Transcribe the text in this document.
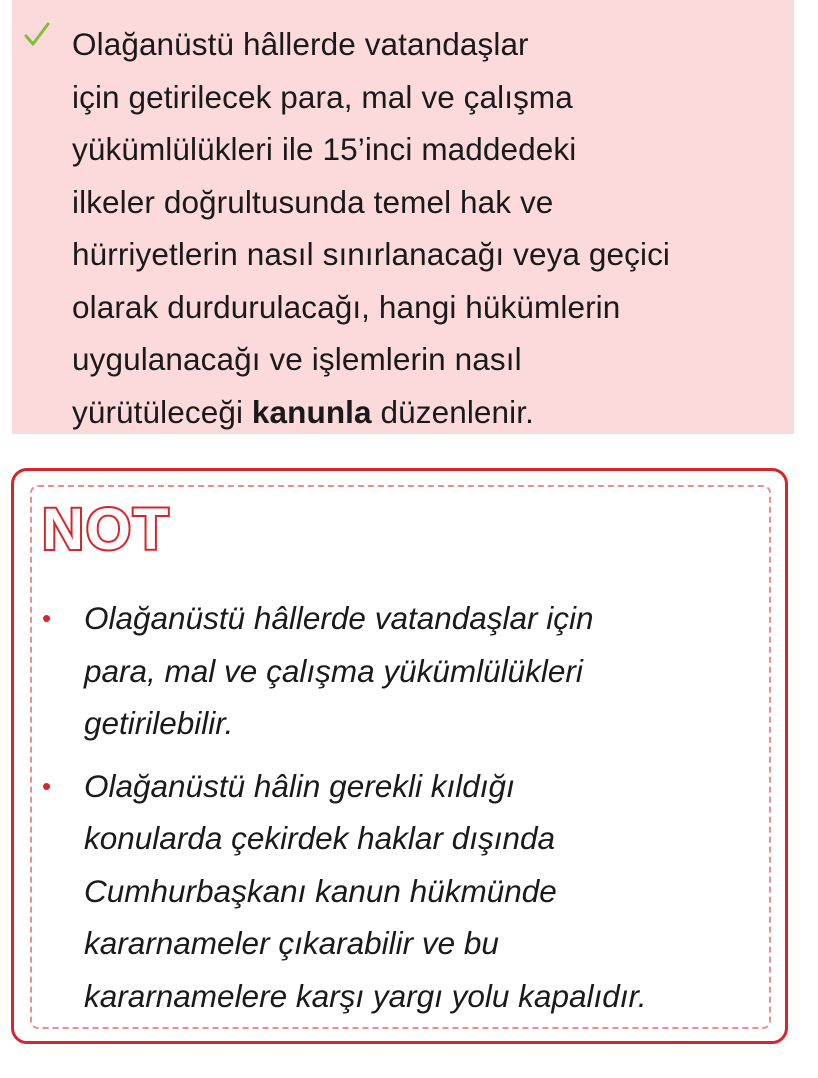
Olağanüstü hâllerde vatandaşlar
için getirilecek para, mal ve çalışma
yükümlülükleri ile 15’inci maddedeki
ilkeler doğrultusunda temel hak ve
hürriyetlerin nasıl sınırlanacağı veya geçici
olarak durdurulacağı, hangi hükümlerin
uygulanacağı ve işlemlerin nasıl
yürütüleceği kanunla düzenlenir.

NOT
• Olağanüstü hâllerde vatandaşlar için
para, mal ve çalışma yükümlülükleri
getirilebilir.
• Olağanüstü hâlin gerekli kıldığı
konularda çekirdek haklar dışında
Cumhurbaşkanı kanun hükmünde
kararnameler çıkarabilir ve bu
kararnamelere karşı yargı yolu kapalıdır.
